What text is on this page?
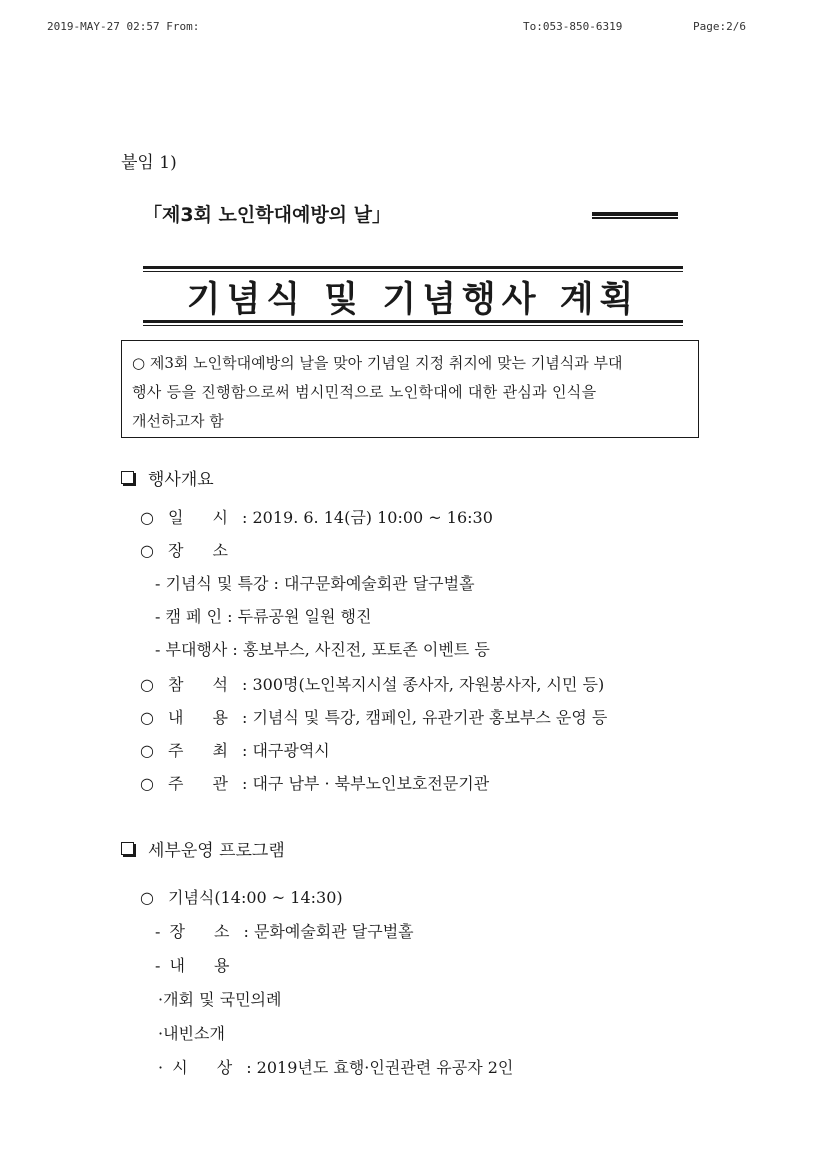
2019-MAY-27 02:57 From:	To:053-850-6319	Page:2/6
붙임 1)
「제3회 노인학대예방의 날」
기념식 및 기념행사 계획

○ 제3회 노인학대예방의 날을 맞아 기념일 지정 취지에 맞는 기념식과 부대

행사 등을 진행함으로써 범시민적으로 노인학대에 대한 관심과 인식을

개선하고자 함

행사개요
○ 일 시 : 2019. 6. 14(금) 10:00 ~ 16:30
○ 장 소
- 기념식 및 특강 : 대구문화예술회관 달구벌홀
- 캠 페 인 : 두류공원 일원 행진
- 부대행사 : 홍보부스, 사진전, 포토존 이벤트 등
○ 참 석 : 300명(노인복지시설 종사자, 자원봉사자, 시민 등)
○ 내 용 : 기념식 및 특강, 캠페인, 유관기관 홍보부스 운영 등
○ 주 최 : 대구광역시
○ 주 관 : 대구 남부 · 북부노인보호전문기관
세부운영 프로그램
○ 기념식(14:00 ~ 14:30)
- 장 소 : 문화예술회관 달구벌홀
- 내 용
·개회 및 국민의례
·내빈소개
· 시 상 : 2019년도 효행·인권관련 유공자 2인
